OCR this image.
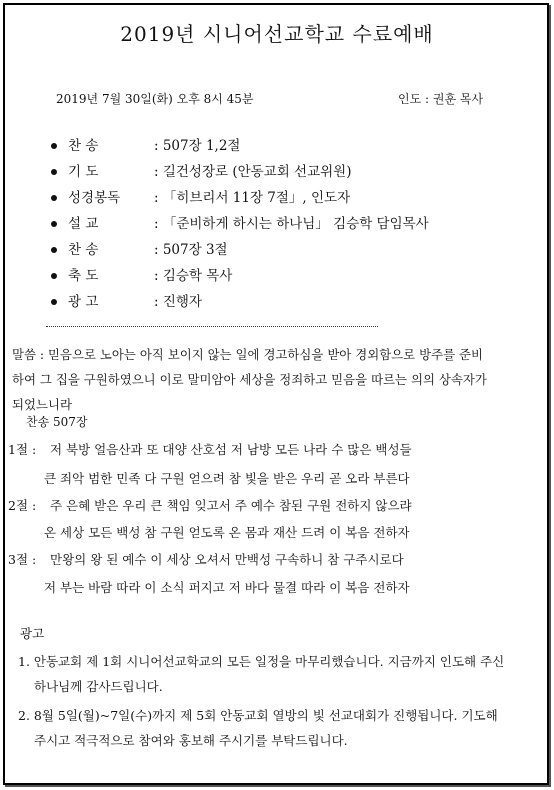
2019년 시니어선교학교 수료예배
2019년 7월 30일(화) 오후 8시 45분	인도 : 권훈 목사
찬 송	: 507장 1,2절
기 도	: 길건성장로 (안동교회 선교위원)
성경봉독	: 「히브리서 11장 7절」, 인도자
설 교	: 「준비하게 하시는 하나님」 김승학 담임목사
찬 송	: 507장 3절
축 도	: 김승학 목사
광 고	: 진행자
말씀 : 믿음으로 노아는 아직 보이지 않는 일에 경고하심을 받아 경외함으로 방주를 준비
하여 그 집을 구원하였으니 이로 말미암아 세상을 정죄하고 믿음을 따르는 의의 상속자가
되었느니라
찬송 507장
1절 : 저 북방 얼음산과 또 대양 산호섬 저 남방 모든 나라 수 많은 백성들
큰 죄악 범한 민족 다 구원 얻으려 참 빛을 받은 우리 곧 오라 부른다
2절 : 주 은혜 받은 우리 큰 책임 잊고서 주 예수 참된 구원 전하지 않으랴
온 세상 모든 백성 참 구원 얻도록 온 몸과 재산 드려 이 복음 전하자
3절 : 만왕의 왕 된 예수 이 세상 오셔서 만백성 구속하니 참 구주시로다
저 부는 바람 따라 이 소식 퍼지고 저 바다 물결 따라 이 복음 전하자
광고
1. 안동교회 제 1회 시니어선교학교의 모든 일정을 마무리했습니다. 지금까지 인도해 주신
하나님께 감사드립니다.
2. 8월 5일(월)~7일(수)까지 제 5회 안동교회 열방의 빛 선교대회가 진행됩니다. 기도해
주시고 적극적으로 참여와 홍보해 주시기를 부탁드립니다.
